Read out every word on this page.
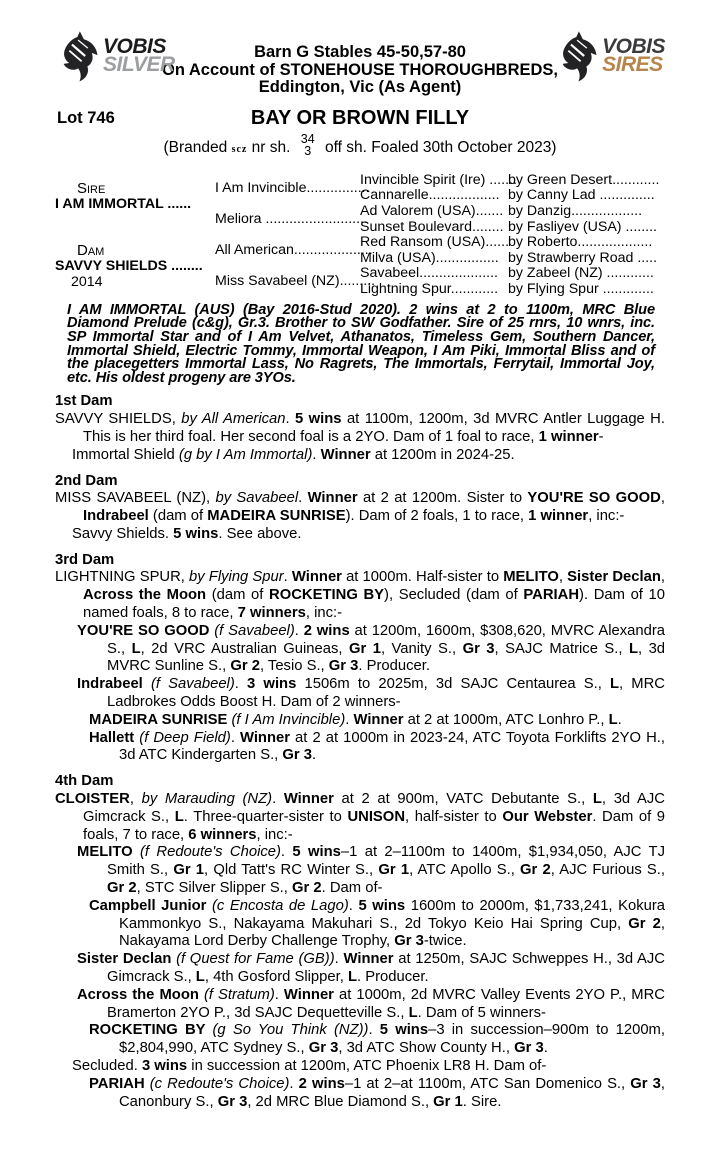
VOBIS
SILVER
Barn G Stables 45-50,57-80
On Account of STONEHOUSE THOROUGHBREDS,
Eddington, Vic (As Agent)
VOBIS
SIRES
Lot 746	BAY OR BROWN FILLY
(Branded scz nr sh. 34
3 off sh. Foaled 30th October 2023)
Sire
I AM IMMORTAL ......
Dam
SAVVY SHIELDS ........
2014
I Am Invincible................
Meliora ..........................
All American....................
Miss Savabeel (NZ).........
Invincible Spirit (Ire) .......
by Green Desert............
Cannarelle.................. by Canny Lad ..............
Ad Valorem (USA)....... by Danzig..................
Sunset Boulevard........ by Fasliyev (USA) ........
Red Ransom (USA)......
by Roberto...................
Milva (USA)................ by Strawberry Road .....
Savabeel.................... by Zabeel (NZ) ............
Lightning Spur............ by Flying Spur .............

I AM IMMORTAL (AUS) (Bay 2016-Stud 2020). 2 wins at 2 to 1100m, MRC Blue Diamond Prelude (c&g), Gr.3. Brother to SW Godfather. Sire of 25 rnrs, 10 wnrs, inc. SP Immortal Star and of I Am Velvet, Athanatos, Timeless Gem, Southern Dancer, Immortal Shield, Electric Tommy, Immortal Weapon, I Am Piki, Immortal Bliss and of the placegetters Immortal Lass, No Ragrets, The Immortals, Ferrytail, Immortal Joy, etc. His oldest progeny are 3YOs.

1st Dam

SAVVY SHIELDS, by All American. 5 wins at 1100m, 1200m, 3d MVRC Antler Luggage H. This is her third foal. Her second foal is a 2YO. Dam of 1 foal to race, 1 winner-

Immortal Shield (g by I Am Immortal). Winner at 1200m in 2024-25.

2nd Dam

MISS SAVABEEL (NZ), by Savabeel. Winner at 2 at 1200m. Sister to YOU'RE SO GOOD, Indrabeel (dam of MADEIRA SUNRISE). Dam of 2 foals, 1 to race, 1 winner, inc:-

Savvy Shields. 5 wins. See above.

3rd Dam

LIGHTNING SPUR, by Flying Spur. Winner at 1000m. Half-sister to MELITO, Sister Declan, Across the Moon (dam of ROCKETING BY), Secluded (dam of PARIAH). Dam of 10 named foals, 8 to race, 7 winners, inc:-

YOU'RE SO GOOD (f Savabeel). 2 wins at 1200m, 1600m, $308,620, MVRC Alexandra S., L, 2d VRC Australian Guineas, Gr 1, Vanity S., Gr 3, SAJC Matrice S., L, 3d MVRC Sunline S., Gr 2, Tesio S., Gr 3. Producer.

Indrabeel (f Savabeel). 3 wins 1506m to 2025m, 3d SAJC Centaurea S., L, MRC Ladbrokes Odds Boost H. Dam of 2 winners-

MADEIRA SUNRISE (f I Am Invincible). Winner at 2 at 1000m, ATC Lonhro P., L.

Hallett (f Deep Field). Winner at 2 at 1000m in 2023-24, ATC Toyota Forklifts 2YO H., 3d ATC Kindergarten S., Gr 3.

4th Dam

CLOISTER, by Marauding (NZ). Winner at 2 at 900m, VATC Debutante S., L, 3d AJC Gimcrack S., L. Three-quarter-sister to UNISON, half-sister to Our Webster. Dam of 9 foals, 7 to race, 6 winners, inc:-

MELITO (f Redoute's Choice). 5 wins–1 at 2–1100m to 1400m, $1,934,050, AJC TJ Smith S., Gr 1, Qld Tatt's RC Winter S., Gr 1, ATC Apollo S., Gr 2, AJC Furious S., Gr 2, STC Silver Slipper S., Gr 2. Dam of-

Campbell Junior (c Encosta de Lago). 5 wins 1600m to 2000m, $1,733,241, Kokura Kammonkyo S., Nakayama Makuhari S., 2d Tokyo Keio Hai Spring Cup, Gr 2, Nakayama Lord Derby Challenge Trophy, Gr 3-twice.

Sister Declan (f Quest for Fame (GB)). Winner at 1250m, SAJC Schweppes H., 3d AJC Gimcrack S., L, 4th Gosford Slipper, L. Producer.

Across the Moon (f Stratum). Winner at 1000m, 2d MVRC Valley Events 2YO P., MRC Bramerton 2YO P., 3d SAJC Dequetteville S., L. Dam of 5 winners-

ROCKETING BY (g So You Think (NZ)). 5 wins–3 in succession–900m to 1200m, $2,804,990, ATC Sydney S., Gr 3, 3d ATC Show County H., Gr 3.

Secluded. 3 wins in succession at 1200m, ATC Phoenix LR8 H. Dam of-

PARIAH (c Redoute's Choice). 2 wins–1 at 2–at 1100m, ATC San Domenico S., Gr 3, Canonbury S., Gr 3, 2d MRC Blue Diamond S., Gr 1. Sire.
